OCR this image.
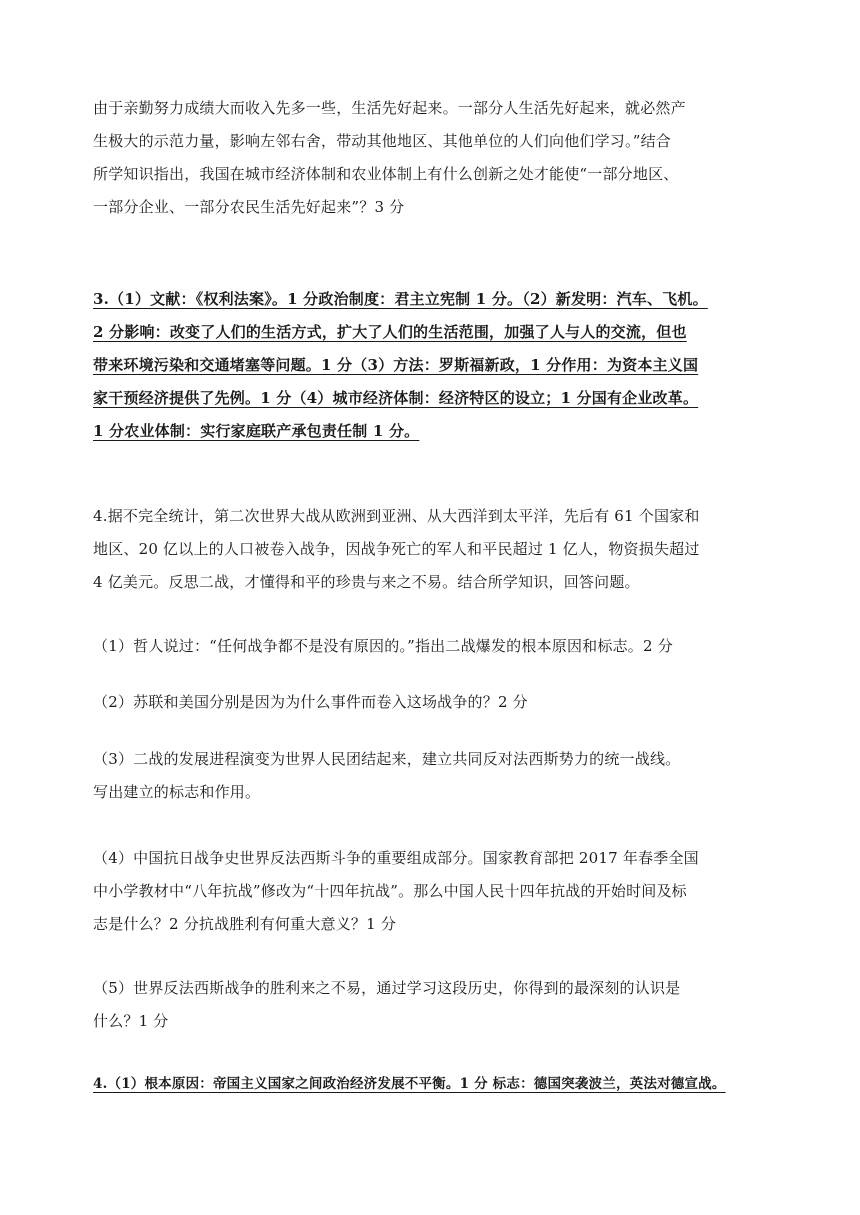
由于亲勤努力成绩大而收入先多一些，生活先好起来。一部分人生活先好起来，就必然产
生极大的示范力量，影响左邻右舍，带动其他地区、其他单位的人们向他们学习。”结合
所学知识指出，我国在城市经济体制和农业体制上有什么创新之处才能使“一部分地区、
一部分企业、一部分农民生活先好起来”？3 分

3.（1）文献：《权利法案》。1 分政治制度：君主立宪制 1 分。（2）新发明：汽车、飞机。
2 分影响：改变了人们的生活方式，扩大了人们的生活范围，加强了人与人的交流，但也
带来环境污染和交通堵塞等问题。1 分（3）方法：罗斯福新政，1 分作用：为资本主义国
家干预经济提供了先例。1 分（4）城市经济体制：经济特区的设立；1 分国有企业改革。
1 分农业体制：实行家庭联产承包责任制 1 分。

4.据不完全统计，第二次世界大战从欧洲到亚洲、从大西洋到太平洋，先后有 61 个国家和
地区、20 亿以上的人口被卷入战争，因战争死亡的军人和平民超过 1 亿人，物资损失超过
4 亿美元。反思二战，才懂得和平的珍贵与来之不易。结合所学知识，回答问题。

（1）哲人说过：“任何战争都不是没有原因的。”指出二战爆发的根本原因和标志。2 分

（2）苏联和美国分别是因为为什么事件而卷入这场战争的？2 分

（3）二战的发展进程演变为世界人民团结起来，建立共同反对法西斯势力的统一战线。
写出建立的标志和作用。

（4）中国抗日战争史世界反法西斯斗争的重要组成部分。国家教育部把 2017 年春季全国
中小学教材中“八年抗战”修改为“十四年抗战”。那么中国人民十四年抗战的开始时间及标
志是什么？2 分抗战胜利有何重大意义？1 分

（5）世界反法西斯战争的胜利来之不易，通过学习这段历史，你得到的最深刻的认识是
什么？1 分

4.（1）根本原因：帝国主义国家之间政治经济发展不平衡。1 分 标志：德国突袭波兰，英法对德宣战。
